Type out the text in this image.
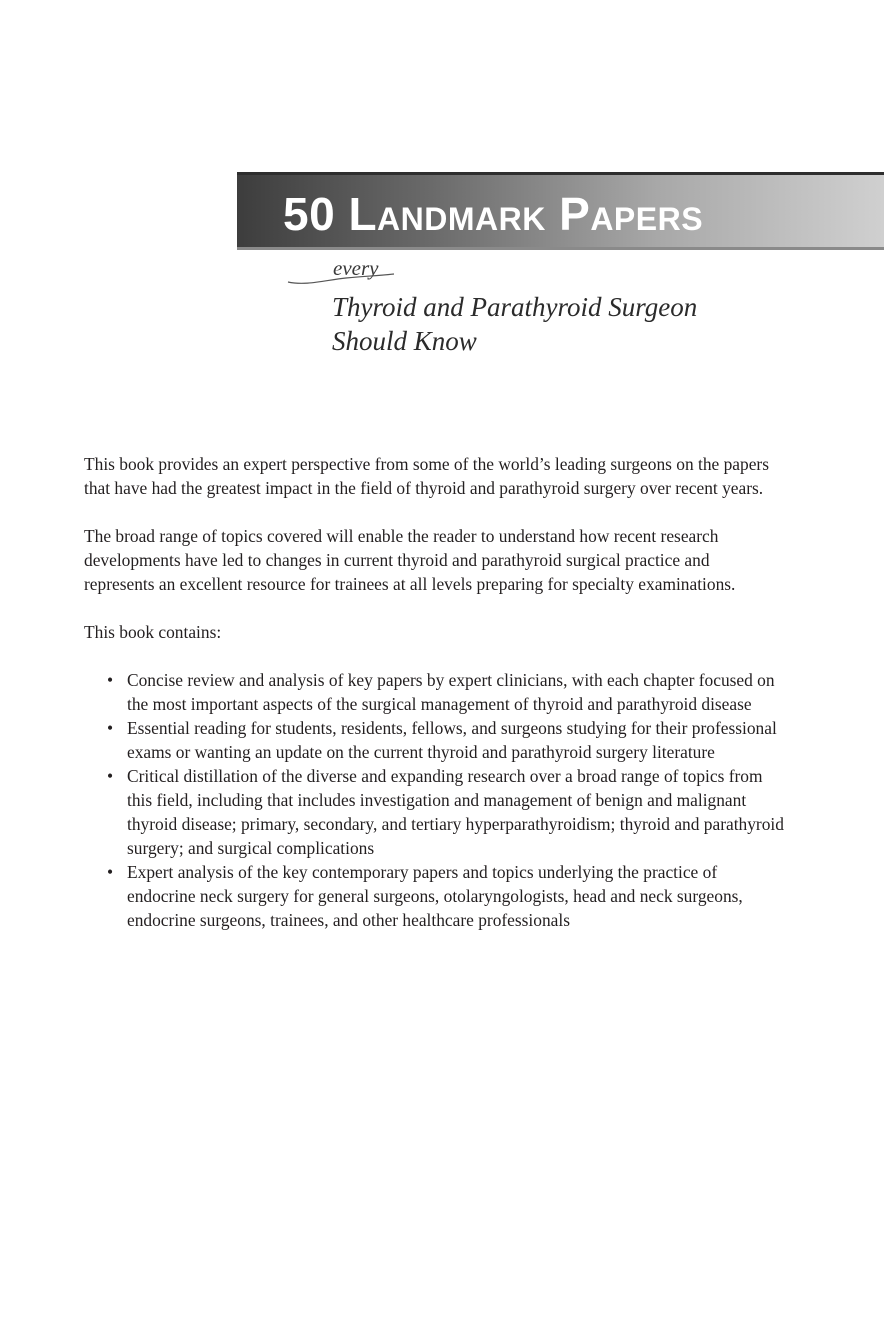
50 Landmark Papers
every
Thyroid and Parathyroid Surgeon
Should Know

This book provides an expert perspective from some of the world’s leading surgeons on the papers that have had the greatest impact in the field of thyroid and parathyroid surgery over recent years.

The broad range of topics covered will enable the reader to understand how recent research developments have led to changes in current thyroid and parathyroid surgical practice and represents an excellent resource for trainees at all levels preparing for specialty examinations.

This book contains:

• Concise review and analysis of key papers by expert clinicians, with each chapter focused on the most important aspects of the surgical management of thyroid and parathyroid disease
• Essential reading for students, residents, fellows, and surgeons studying for their professional exams or wanting an update on the current thyroid and parathyroid surgery literature
• Critical distillation of the diverse and expanding research over a broad range of topics from this field, including that includes investigation and management of benign and malignant thyroid disease; primary, secondary, and tertiary hyperparathyroidism; thyroid and parathyroid surgery; and surgical complications
• Expert analysis of the key contemporary papers and topics underlying the practice of endocrine neck surgery for general surgeons, otolaryngologists, head and neck surgeons, endocrine surgeons, trainees, and other healthcare professionals
